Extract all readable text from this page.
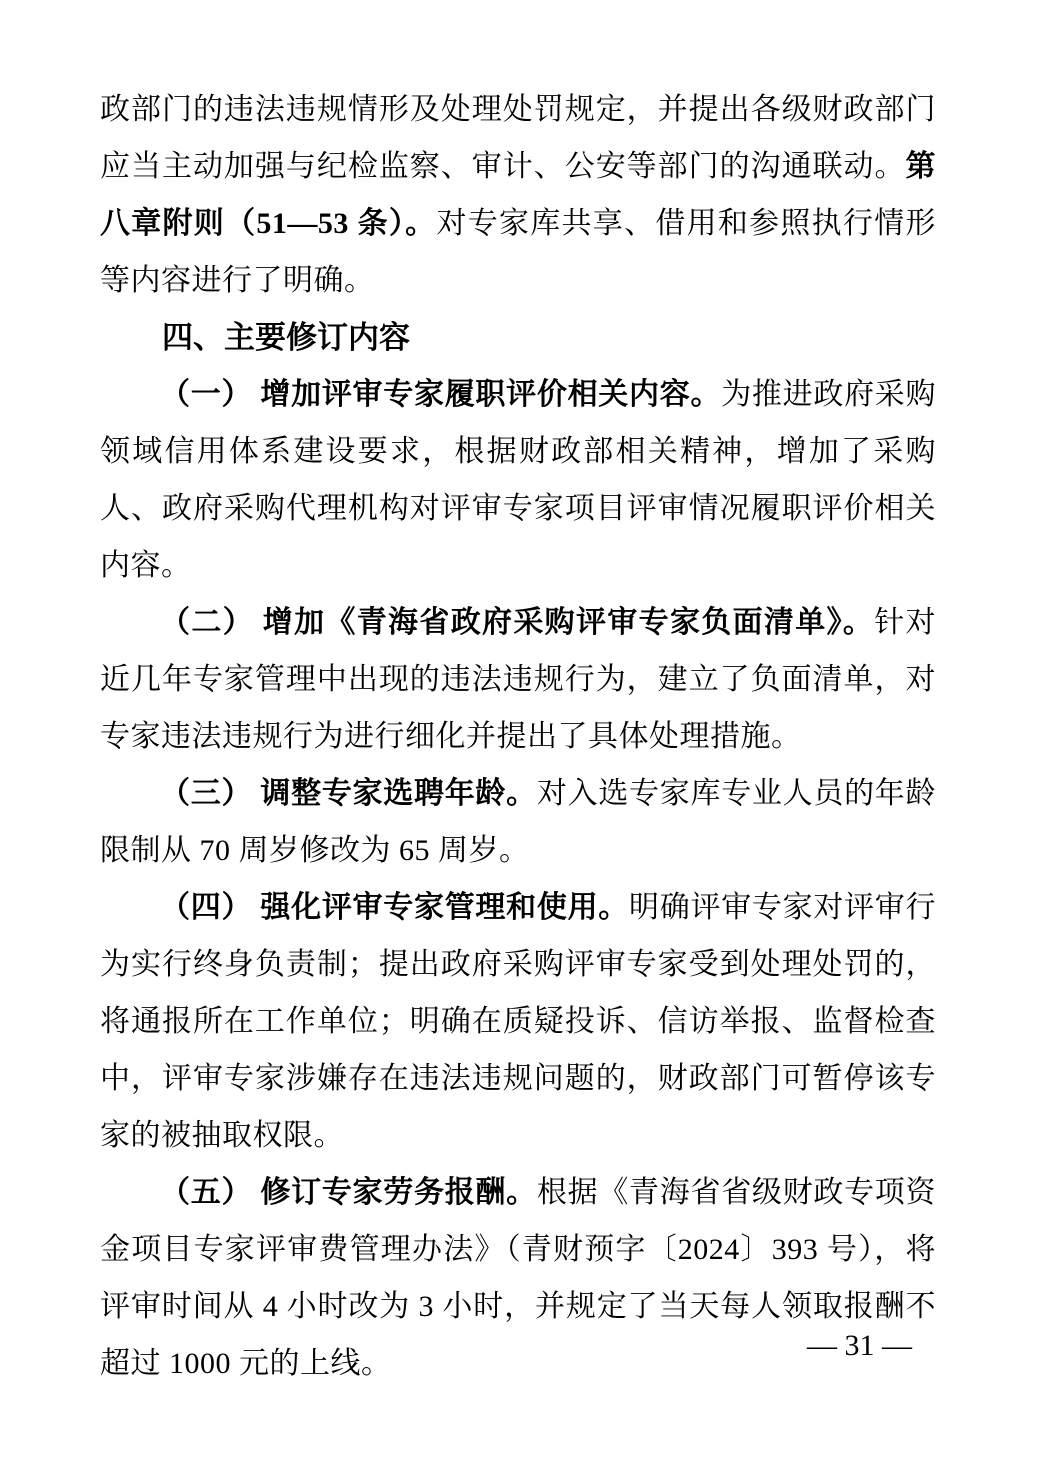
政部门的违法违规情形及处理处罚规定，并提出各级财政部门应当主动加强与纪检监察、审计、公安等部门的沟通联动。第八章附则（51—53 条）。对专家库共享、借用和参照执行情形等内容进行了明确。

四、主要修订内容

（一） 增加评审专家履职评价相关内容。为推进政府采购领域信用体系建设要求，根据财政部相关精神，增加了采购人、政府采购代理机构对评审专家项目评审情况履职评价相关内容。

（二） 增加《青海省政府采购评审专家负面清单》。针对近几年专家管理中出现的违法违规行为，建立了负面清单，对专家违法违规行为进行细化并提出了具体处理措施。

（三） 调整专家选聘年龄。对入选专家库专业人员的年龄限制从 70 周岁修改为 65 周岁。

（四） 强化评审专家管理和使用。明确评审专家对评审行为实行终身负责制；提出政府采购评审专家受到处理处罚的，将通报所在工作单位；明确在质疑投诉、信访举报、监督检查中，评审专家涉嫌存在违法违规问题的，财政部门可暂停该专家的被抽取权限。

（五） 修订专家劳务报酬。根据《青海省省级财政专项资金项目专家评审费管理办法》（青财预字〔2024〕393 号），将评审时间从 4 小时改为 3 小时，并规定了当天每人领取报酬不超过 1000 元的上线。

— 31 —
